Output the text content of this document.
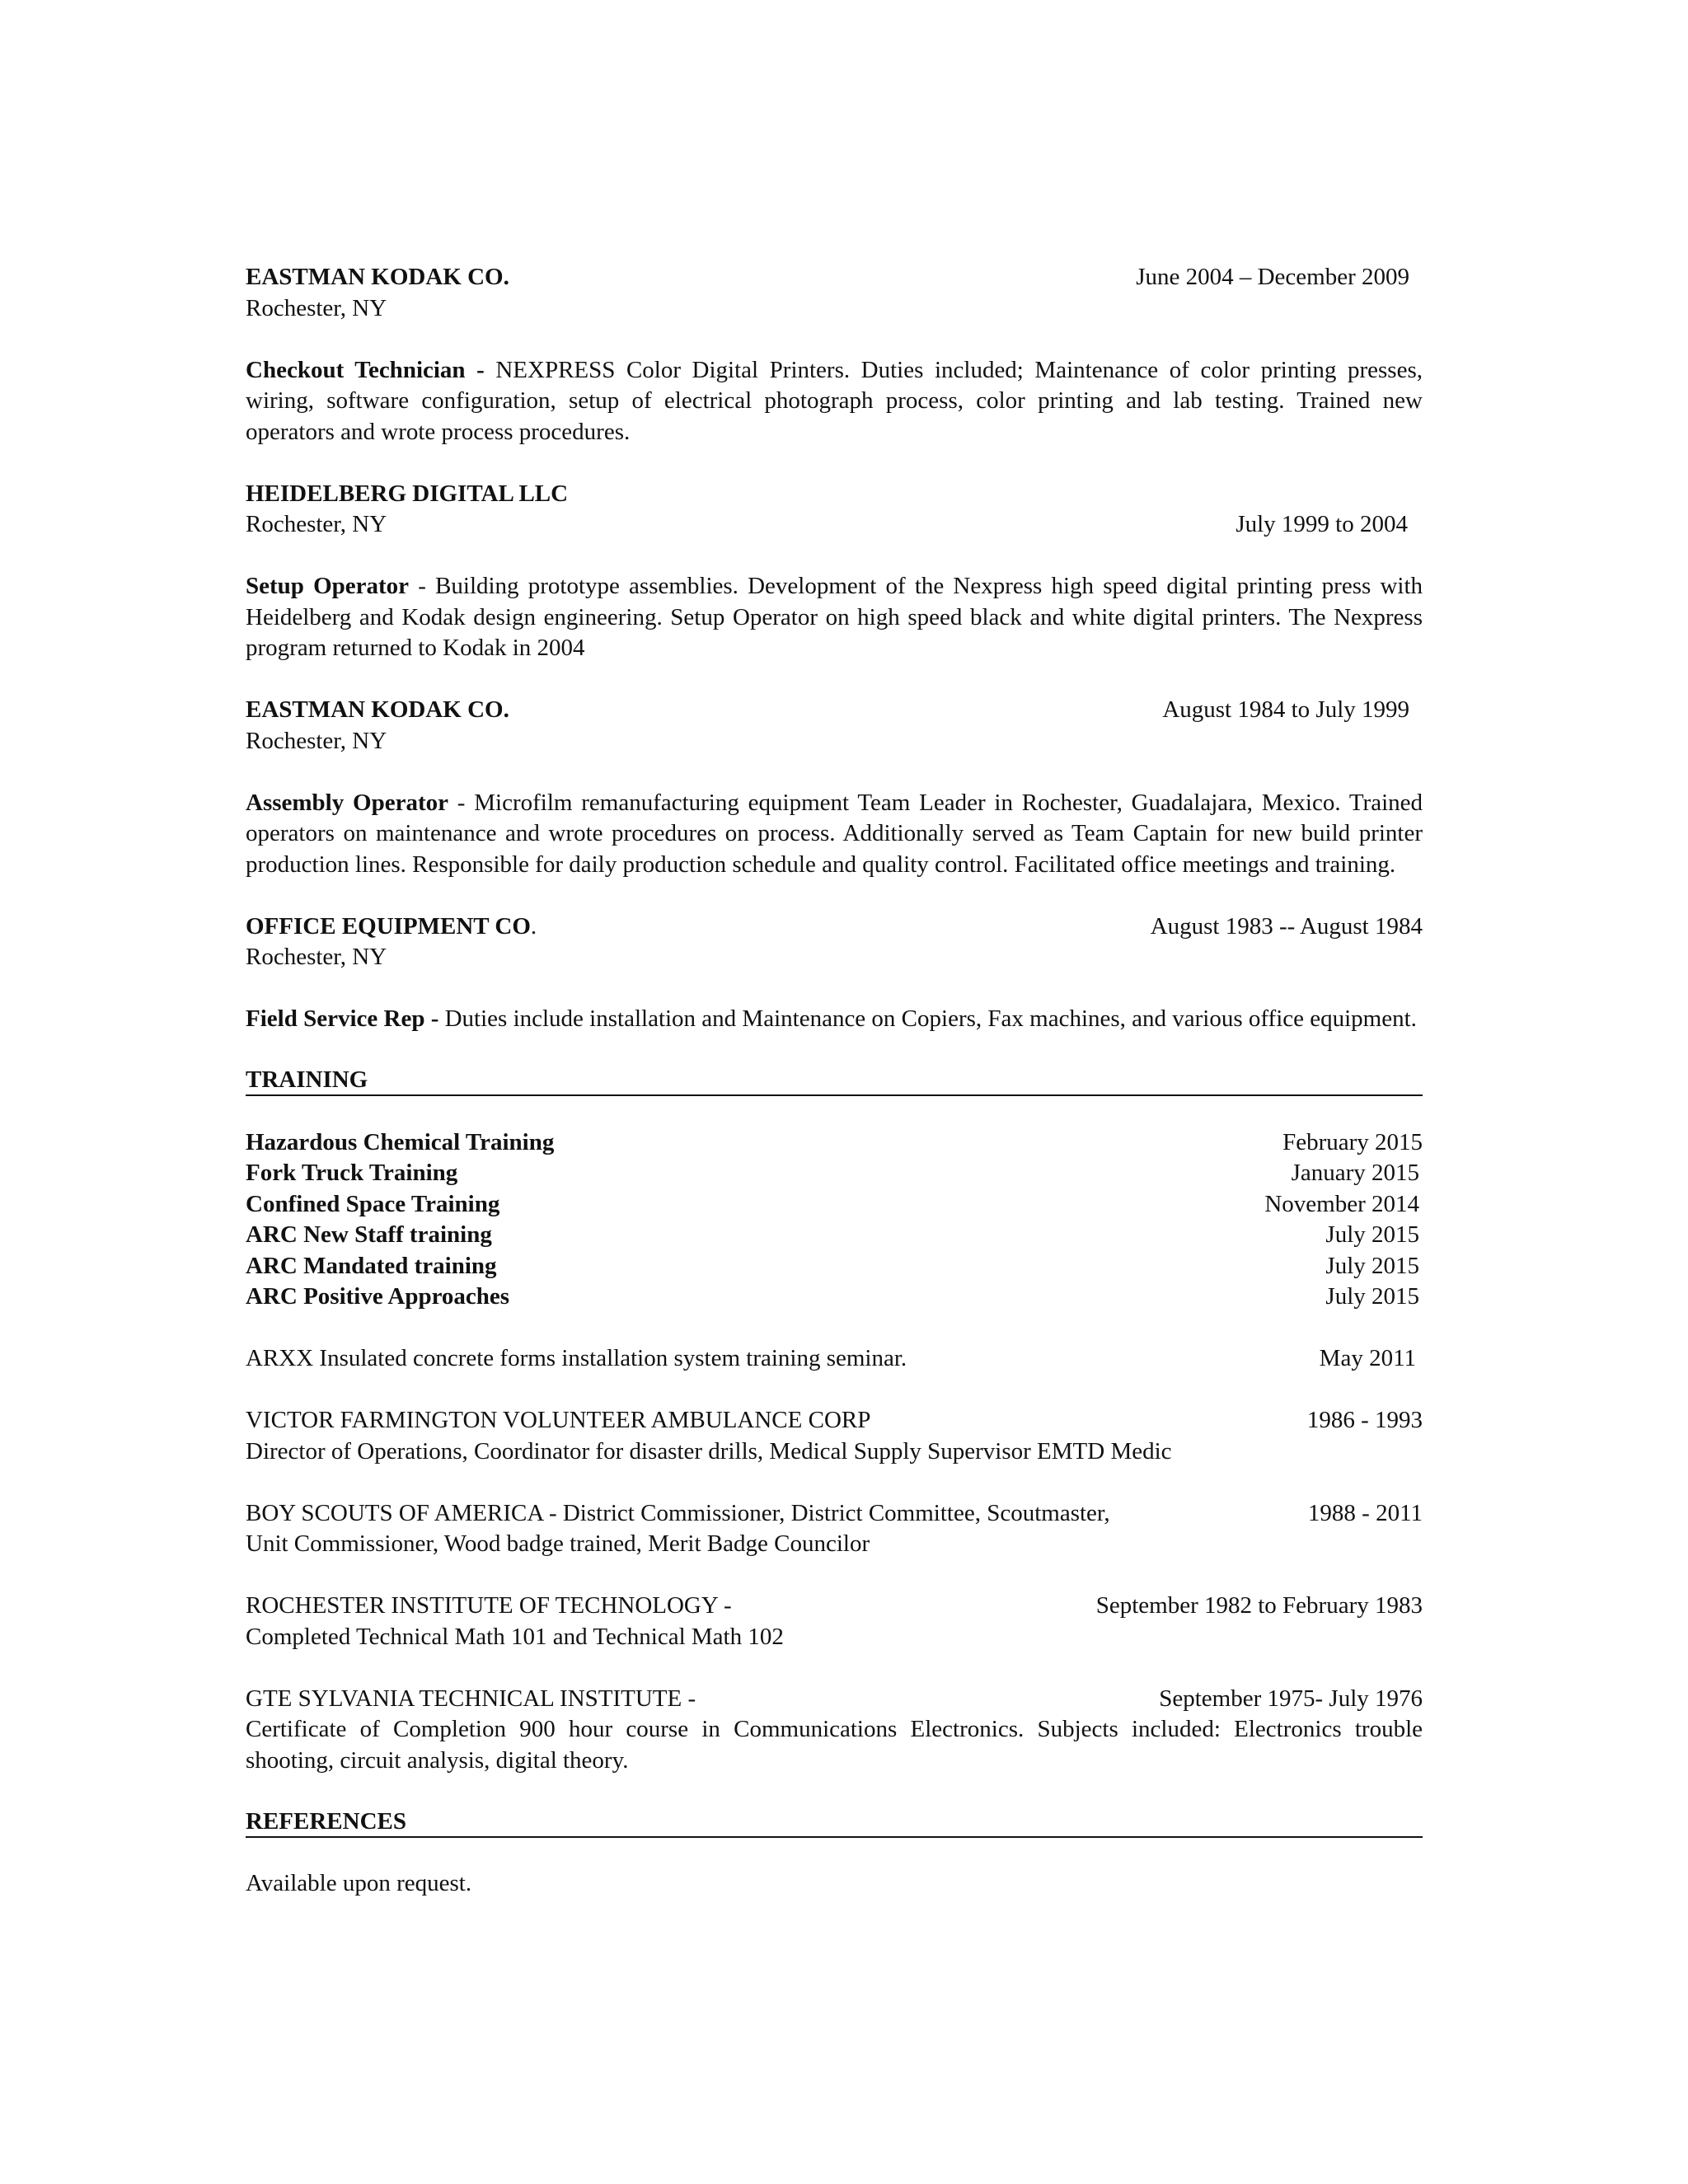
EASTMAN KODAK CO.	June 2004 – December 2009

Rochester, NY

Checkout Technician - NEXPRESS Color Digital Printers. Duties included; Maintenance of color printing presses, wiring, software configuration, setup of electrical photograph process, color printing and lab testing. Trained new operators and wrote process procedures.

HEIDELBERG DIGITAL LLC

Rochester, NY	July 1999 to 2004

Setup Operator - Building prototype assemblies. Development of the Nexpress high speed digital printing press with Heidelberg and Kodak design engineering. Setup Operator on high speed black and white digital printers. The Nexpress program returned to Kodak in 2004

EASTMAN KODAK CO.	August 1984 to July 1999

Rochester, NY

Assembly Operator - Microfilm remanufacturing equipment Team Leader in Rochester, Guadalajara, Mexico. Trained operators on maintenance and wrote procedures on process. Additionally served as Team Captain for new build printer production lines. Responsible for daily production schedule and quality control. Facilitated office meetings and training.

OFFICE EQUIPMENT CO.	August 1983 -- August 1984

Rochester, NY

Field Service Rep - Duties include installation and Maintenance on Copiers, Fax machines, and various office equipment.

TRAINING
Hazardous Chemical Training	February 2015
Fork Truck Training	January 2015
Confined Space Training	November 2014
ARC New Staff training	July 2015
ARC Mandated training	July 2015
ARC Positive Approaches	July 2015
ARXX Insulated concrete forms installation system training seminar.	May 2011
VICTOR FARMINGTON VOLUNTEER AMBULANCE CORP	1986 - 1993

Director of Operations, Coordinator for disaster drills, Medical Supply Supervisor EMTD Medic

BOY SCOUTS OF AMERICA - District Commissioner, District Committee, Scoutmaster,	1988 - 2011

Unit Commissioner, Wood badge trained, Merit Badge Councilor

ROCHESTER INSTITUTE OF TECHNOLOGY -	September 1982 to February 1983

Completed Technical Math 101 and Technical Math 102

GTE SYLVANIA TECHNICAL INSTITUTE -	September 1975- July 1976

Certificate of Completion 900 hour course in Communications Electronics. Subjects included: Electronics trouble shooting, circuit analysis, digital theory.

REFERENCES

Available upon request.
